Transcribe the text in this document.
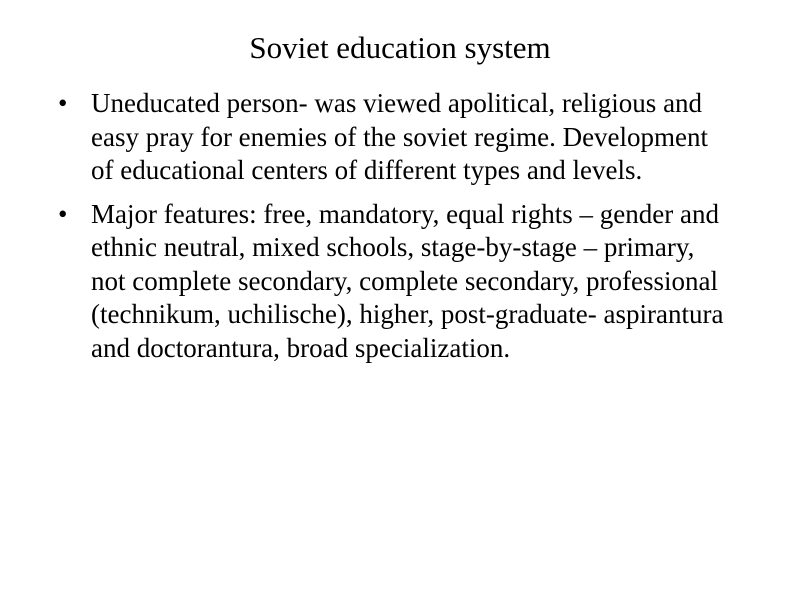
Soviet education system
• Uneducated person- was viewed apolitical, religious and easy pray for enemies of the soviet regime. Development of educational centers of different types and levels.
• Major features: free, mandatory, equal rights – gender and ethnic neutral, mixed schools, stage-by-stage – primary, not complete secondary, complete secondary, professional (technikum, uchilische), higher, post-graduate- aspirantura and doctorantura, broad specialization.
